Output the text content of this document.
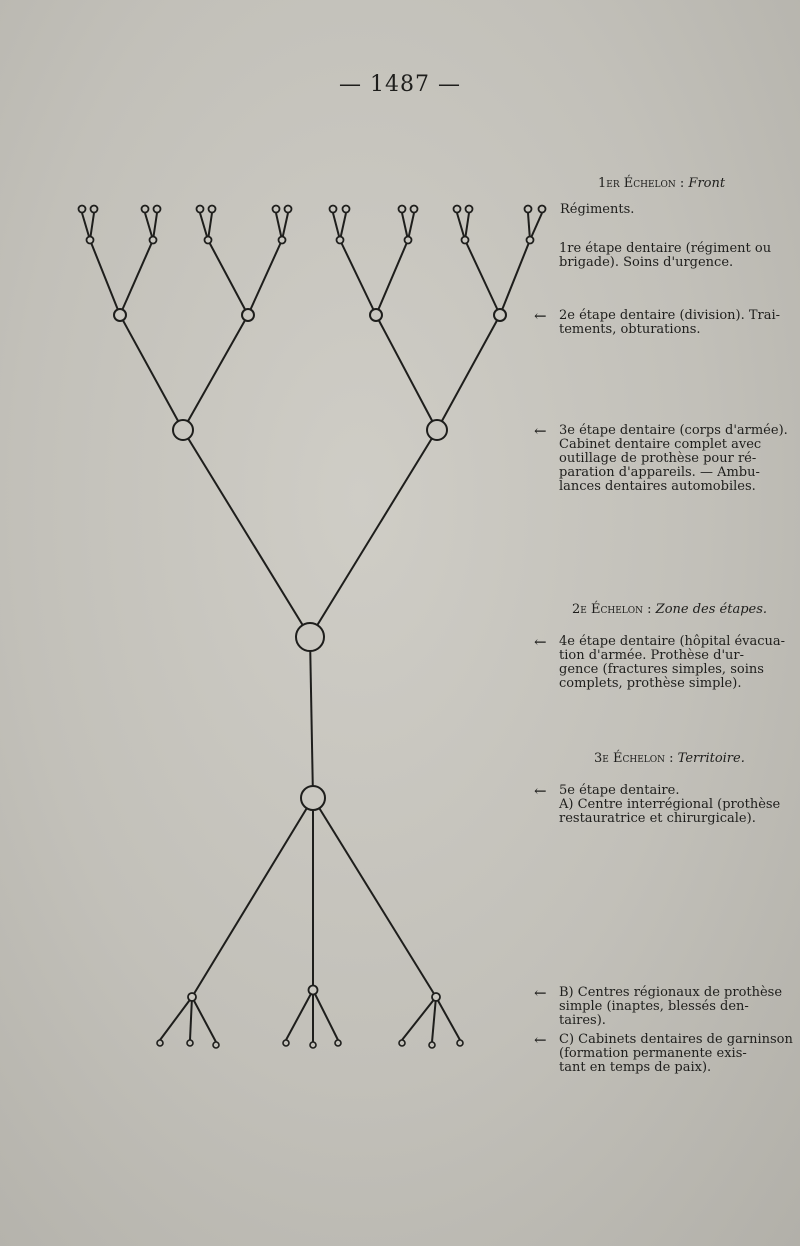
— 1487 —
1er Échelon : Front
2e Échelon : Zone des étapes.
3e Échelon : Territoire.
Régiments.
1re étape dentaire (régiment ou
brigade). Soins d'urgence.
← 2e étape dentaire (division). Trai-
tements, obturations.
← 3e étape dentaire (corps d'armée).
Cabinet dentaire complet avec
outillage de prothèse pour ré-
paration d'appareils. — Ambu-
lances dentaires automobiles.
← 4e étape dentaire (hôpital évacua-
tion d'armée. Prothèse d'ur-
gence (fractures simples, soins
complets, prothèse simple).
← 5e étape dentaire.
A) Centre interrégional (prothèse
restauratrice et chirurgicale).
← B) Centres régionaux de prothèse
simple (inaptes, blessés den-
taires).
← C) Cabinets dentaires de garninson
(formation permanente exis-
tant en temps de paix).
